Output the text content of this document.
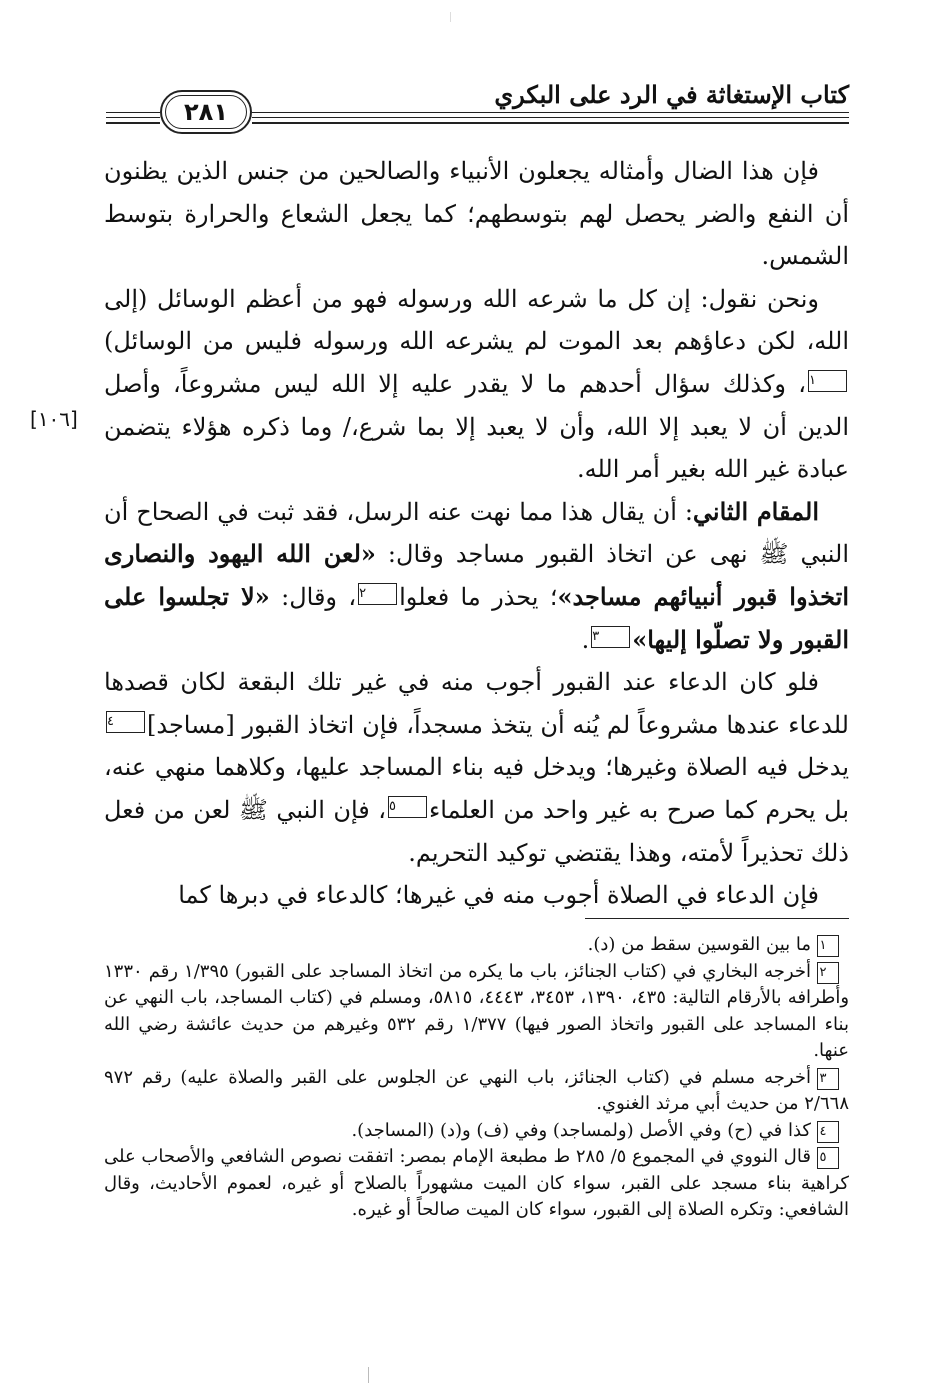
كتاب الإستغاثة في الرد على البكري
٢٨١
[١٠٦]

فإن هذا الضال وأمثاله يجعلون الأنبياء والصالحين من جنس الذين يظنون أن النفع والضر يحصل لهم بتوسطهم؛ كما يجعل الشعاع والحرارة بتوسط الشمس.

ونحن نقول: إن كل ما شرعه الله ورسوله فهو من أعظم الوسائل (إلى الله، لكن دعاؤهم بعد الموت لم يشرعه الله ورسوله فليس من الوسائل)١، وكذلك سؤال أحدهم ما لا يقدر عليه إلا الله ليس مشروعاً، وأصل الدين أن لا يعبد إلا الله، وأن لا يعبد إلا بما شرع،/ وما ذكره هؤلاء يتضمن عبادة غير الله بغير أمر الله.

المقام الثاني: أن يقال هذا مما نهت عنه الرسل، فقد ثبت في الصحاح أن النبي ﷺ نهى عن اتخاذ القبور مساجد وقال: «لعن الله اليهود والنصارى اتخذوا قبور أنبيائهم مساجد»؛ يحذر ما فعلوا٢، وقال: «لا تجلسوا على القبور ولا تصلّوا إليها»٣.

فلو كان الدعاء عند القبور أجوب منه في غير تلك البقعة لكان قصدها للدعاء عندها مشروعاً لم يُنه أن يتخذ مسجداً، فإن اتخاذ القبور [مساجد]٤ يدخل فيه الصلاة وغيرها؛ ويدخل فيه بناء المساجد عليها، وكلاهما منهي عنه، بل يحرم كما صرح به غير واحد من العلماء٥، فإن النبي ﷺ لعن من فعل ذلك تحذيراً لأمته، وهذا يقتضي توكيد التحريم.

فإن الدعاء في الصلاة أجوب منه في غيرها؛ كالدعاء في دبرها كما

١ما بين القوسين سقط من (د).

٢أخرجه البخاري في (كتاب الجنائز، باب ما يكره من اتخاذ المساجد على القبور) ١/٣٩٥ رقم ١٣٣٠ وأطرافه بالأرقام التالية: ٤٣٥، ١٣٩٠، ٣٤٥٣، ٤٤٤٣، ٥٨١٥، ومسلم في (كتاب المساجد، باب النهي عن بناء المساجد على القبور واتخاذ الصور فيها) ١/٣٧٧ رقم ٥٣٢ وغيرهم من حديث عائشة رضي الله عنها.

٣أخرجه مسلم في (كتاب الجنائز، باب النهي عن الجلوس على القبر والصلاة عليه) رقم ٩٧٢ ٢/٦٦٨ من حديث أبي مرثد الغنوي.

٤كذا في (ح) وفي الأصل (ولمساجد) وفي (ف) و(د) (المساجد).

٥قال النووي في المجموع ٥/ ٢٨٥ ط مطبعة الإمام بمصر: اتفقت نصوص الشافعي والأصحاب على كراهية بناء مسجد على القبر، سواء كان الميت مشهوراً بالصلاح أو غيره، لعموم الأحاديث، وقال الشافعي: وتكره الصلاة إلى القبور، سواء كان الميت صالحاً أو غيره.
